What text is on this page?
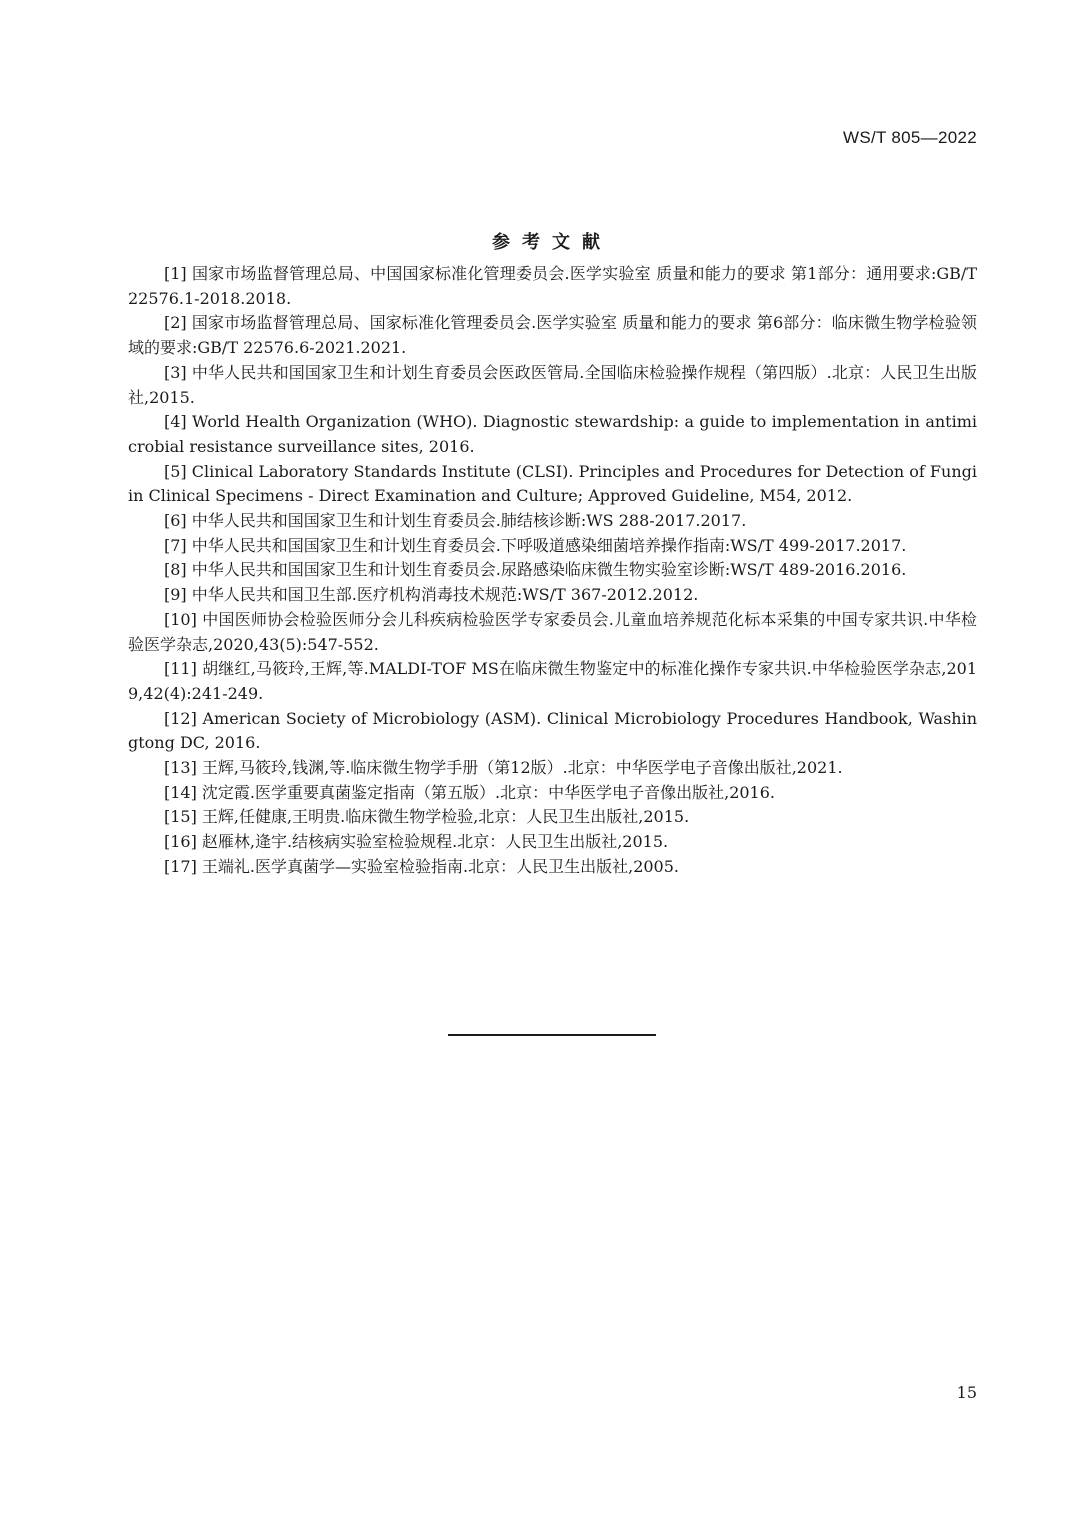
WS/T 805—2022
参考文献
[1] 国家市场监督管理总局、中国国家标准化管理委员会.医学实验室 质量和能力的要求 第1部分：通用要求:GB/T 22576.1-2018.2018.
[2] 国家市场监督管理总局、国家标准化管理委员会.医学实验室 质量和能力的要求 第6部分：临床微生物学检验领域的要求:GB/T 22576.6-2021.2021.
[3] 中华人民共和国国家卫生和计划生育委员会医政医管局.全国临床检验操作规程（第四版）.北京：人民卫生出版社,2015.
[4] World Health Organization (WHO). Diagnostic stewardship: a guide to implementation in antimicrobial resistance surveillance sites, 2016.
[5] Clinical Laboratory Standards Institute (CLSI). Principles and Procedures for Detection of Fungi in Clinical Specimens - Direct Examination and Culture; Approved Guideline, M54, 2012.
[6] 中华人民共和国国家卫生和计划生育委员会.肺结核诊断:WS 288-2017.2017.
[7] 中华人民共和国国家卫生和计划生育委员会.下呼吸道感染细菌培养操作指南:WS/T 499-2017.2017.
[8] 中华人民共和国国家卫生和计划生育委员会.尿路感染临床微生物实验室诊断:WS/T 489-2016.2016.
[9] 中华人民共和国卫生部.医疗机构消毒技术规范:WS/T 367-2012.2012.
[10] 中国医师协会检验医师分会儿科疾病检验医学专家委员会.儿童血培养规范化标本采集的中国专家共识.中华检验医学杂志,2020,43(5):547-552.
[11] 胡继红,马筱玲,王辉,等.MALDI-TOF MS在临床微生物鉴定中的标准化操作专家共识.中华检验医学杂志,2019,42(4):241-249.
[12] American Society of Microbiology (ASM). Clinical Microbiology Procedures Handbook, Washingtong DC, 2016.
[13] 王辉,马筱玲,钱渊,等.临床微生物学手册（第12版）.北京：中华医学电子音像出版社,2021.
[14] 沈定霞.医学重要真菌鉴定指南（第五版）.北京：中华医学电子音像出版社,2016.
[15] 王辉,任健康,王明贵.临床微生物学检验,北京：人民卫生出版社,2015.
[16] 赵雁林,逄宇.结核病实验室检验规程.北京：人民卫生出版社,2015.
[17] 王端礼.医学真菌学—实验室检验指南.北京：人民卫生出版社,2005.
15
